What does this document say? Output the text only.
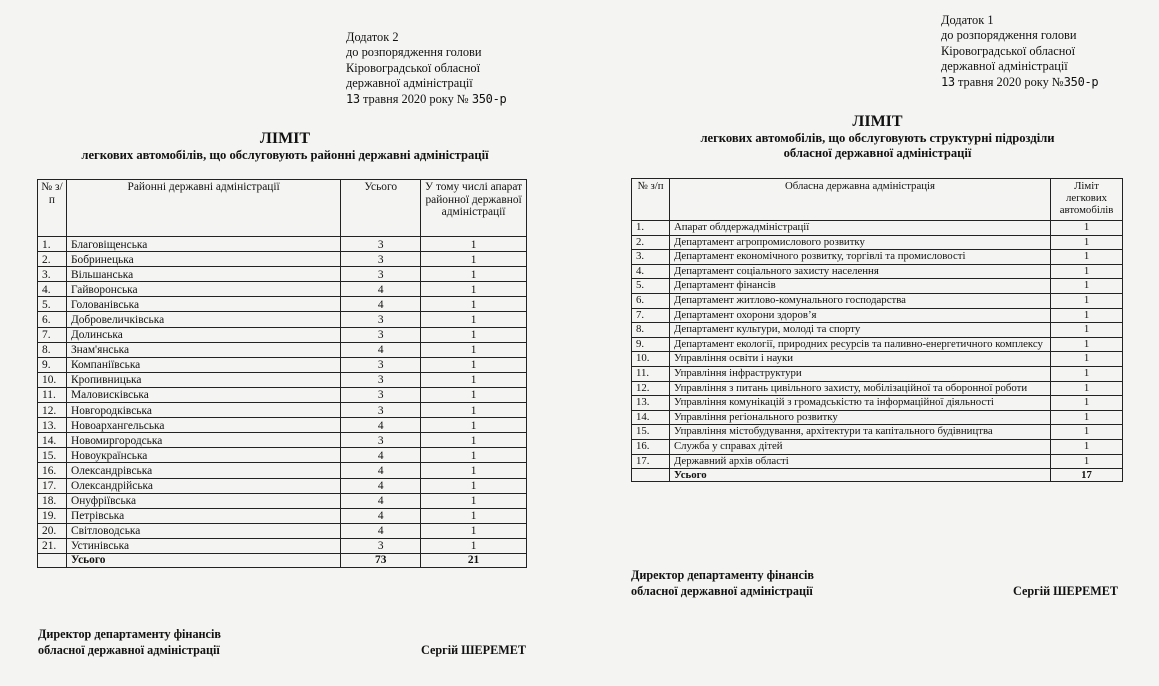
Додаток 2
до розпорядження голови
Кіровоградської обласної
державної адміністрації
13 травня 2020 року № 350-р
ЛІМІТ
легкових автомобілів, що обслуговують районні державні адміністрації
№ з/п	Районні державні адміністрації	Усього	У тому числі апарат районної державної адміністрації
1.	Благовіщенська	3	1
2.	Бобринецька	3	1
3.	Вільшанська	3	1
4.	Гайворонська	4	1
5.	Голованівська	4	1
6.	Добровеличківська	3	1
7.	Долинська	3	1
8.	Знам'янська	4	1
9.	Компаніївська	3	1
10.	Кропивницька	3	1
11.	Маловисківська	3	1
12.	Новгородківська	3	1
13.	Новоархангельська	4	1
14.	Новомиргородська	3	1
15.	Новоукраїнська	4	1
16.	Олександрівська	4	1
17.	Олександрійська	4	1
18.	Онуфріївська	4	1
19.	Петрівська	4	1
20.	Світловодська	4	1
21.	Устинівська	3	1
	Усього	73	21
Директор департаменту фінансів
обласної державної адміністрації	Сергій ШЕРЕМЕТ
Додаток 1
до розпорядження голови
Кіровоградської обласної
державної адміністрації
13 травня 2020 року №350-р
ЛІМІТ
легкових автомобілів, що обслуговують структурні підрозділи
обласної державної адміністрації
№ з/п	Обласна державна адміністрація	Ліміт легкових автомобілів
1.	Апарат облдержадміністрації	1
2.	Департамент агропромислового розвитку	1
3.	Департамент економічного розвитку, торгівлі та промисловості	1
4.	Департамент соціального захисту населення	1
5.	Департамент фінансів	1
6.	Департамент житлово-комунального господарства	1
7.	Департамент охорони здоров’я	1
8.	Департамент культури, молоді та спорту	1
9.	Департамент екології, природних ресурсів та паливно-енергетичного комплексу	1
10.	Управління освіти і науки	1
11.	Управління інфраструктури	1
12.	Управління з питань цивільного захисту, мобілізаційної та оборонної роботи	1
13.	Управління комунікацій з громадськістю та інформаційної діяльності	1
14.	Управління регіонального розвитку	1
15.	Управління містобудування, архітектури та капітального будівництва	1
16.	Служба у справах дітей	1
17.	Державний архів області	1
	Усього	17
Директор департаменту фінансів
обласної державної адміністрації	Сергій ШЕРЕМЕТ
